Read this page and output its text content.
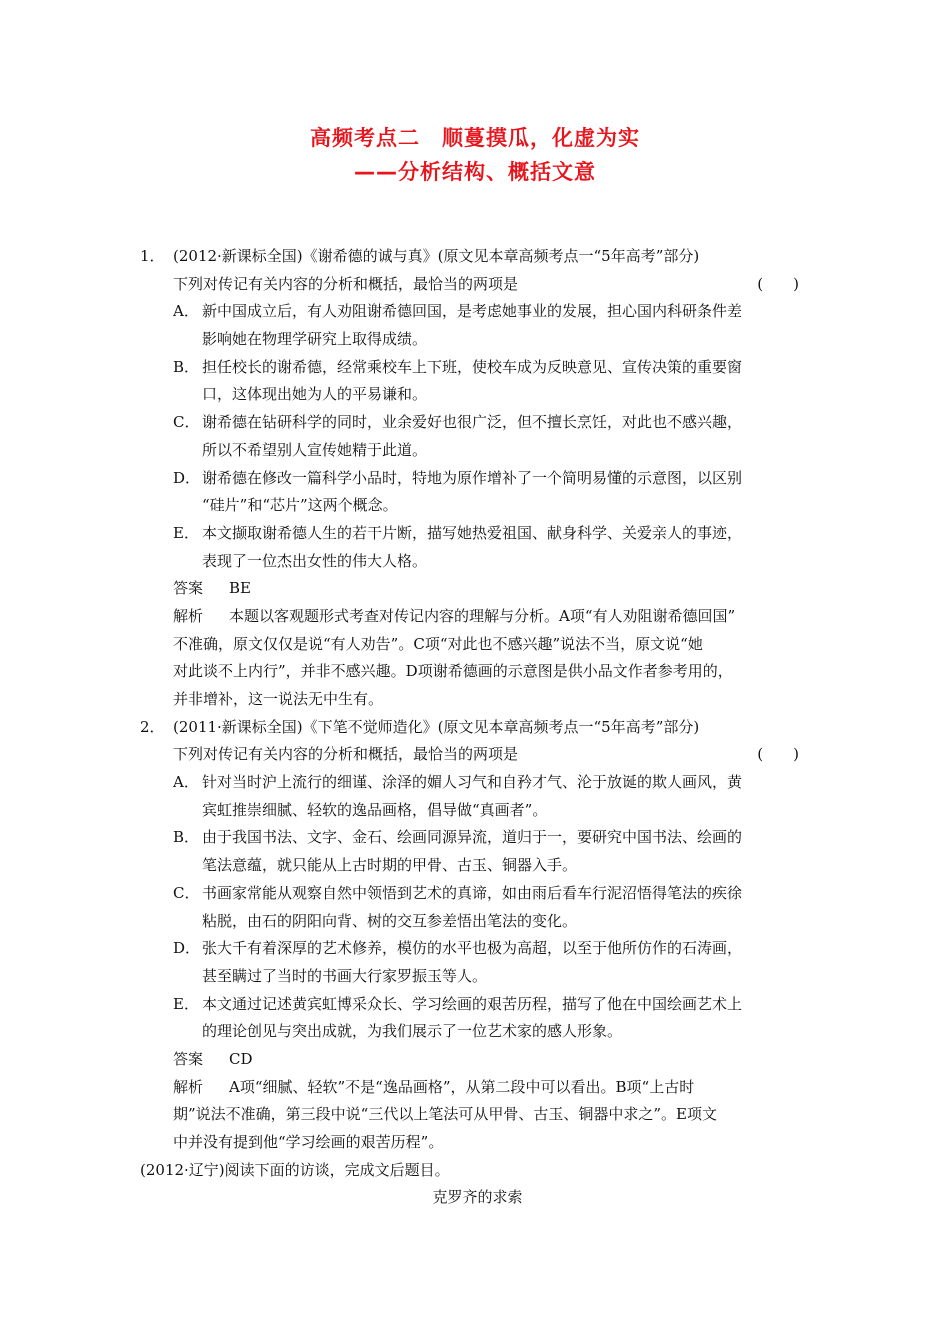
高频考点二　顺蔓摸瓜，化虚为实
——分析结构、概括文意
1． (2012·新课标全国)《谢希德的诚与真》(原文见本章高频考点一“5年高考”部分)
下列对传记有关内容的分析和概括，最恰当的两项是	(　　)
A． 新中国成立后，有人劝阻谢希德回国，是考虑她事业的发展，担心国内科研条件差
影响她在物理学研究上取得成绩。
B． 担任校长的谢希德，经常乘校车上下班，使校车成为反映意见、宣传决策的重要窗
口，这体现出她为人的平易谦和。
C． 谢希德在钻研科学的同时，业余爱好也很广泛，但不擅长烹饪，对此也不感兴趣，
所以不希望别人宣传她精于此道。
D． 谢希德在修改一篇科学小品时，特地为原作增补了一个简明易懂的示意图，以区别
“硅片”和“芯片”这两个概念。
E． 本文撷取谢希德人生的若干片断，描写她热爱祖国、献身科学、关爱亲人的事迹，
表现了一位杰出女性的伟大人格。
答案 BE
解析 本题以客观题形式考查对传记内容的理解与分析。A项“有人劝阻谢希德回国”
不准确，原文仅仅是说“有人劝告”。C项“对此也不感兴趣”说法不当，原文说“她
对此谈不上内行”，并非不感兴趣。D项谢希德画的示意图是供小品文作者参考用的，
并非增补，这一说法无中生有。
2． (2011·新课标全国)《下笔不觉师造化》(原文见本章高频考点一“5年高考”部分)
下列对传记有关内容的分析和概括，最恰当的两项是	(　　)
A． 针对当时沪上流行的细谨、涂泽的媚人习气和自矜才气、沦于放诞的欺人画风，黄
宾虹推崇细腻、轻软的逸品画格，倡导做“真画者”。
B． 由于我国书法、文字、金石、绘画同源异流，道归于一，要研究中国书法、绘画的
笔法意蕴，就只能从上古时期的甲骨、古玉、铜器入手。
C． 书画家常能从观察自然中领悟到艺术的真谛，如由雨后看车行泥沼悟得笔法的疾徐
粘脱，由石的阴阳向背、树的交互参差悟出笔法的变化。
D． 张大千有着深厚的艺术修养，模仿的水平也极为高超，以至于他所仿作的石涛画，
甚至瞒过了当时的书画大行家罗振玉等人。
E． 本文通过记述黄宾虹博采众长、学习绘画的艰苦历程，描写了他在中国绘画艺术上
的理论创见与突出成就，为我们展示了一位艺术家的感人形象。
答案 CD
解析 A项“细腻、轻软”不是“逸品画格”，从第二段中可以看出。B项“上古时
期”说法不准确，第三段中说“三代以上笔法可从甲骨、古玉、铜器中求之”。E项文
中并没有提到他“学习绘画的艰苦历程”。
(2012·辽宁)阅读下面的访谈，完成文后题目。
克罗齐的求索
